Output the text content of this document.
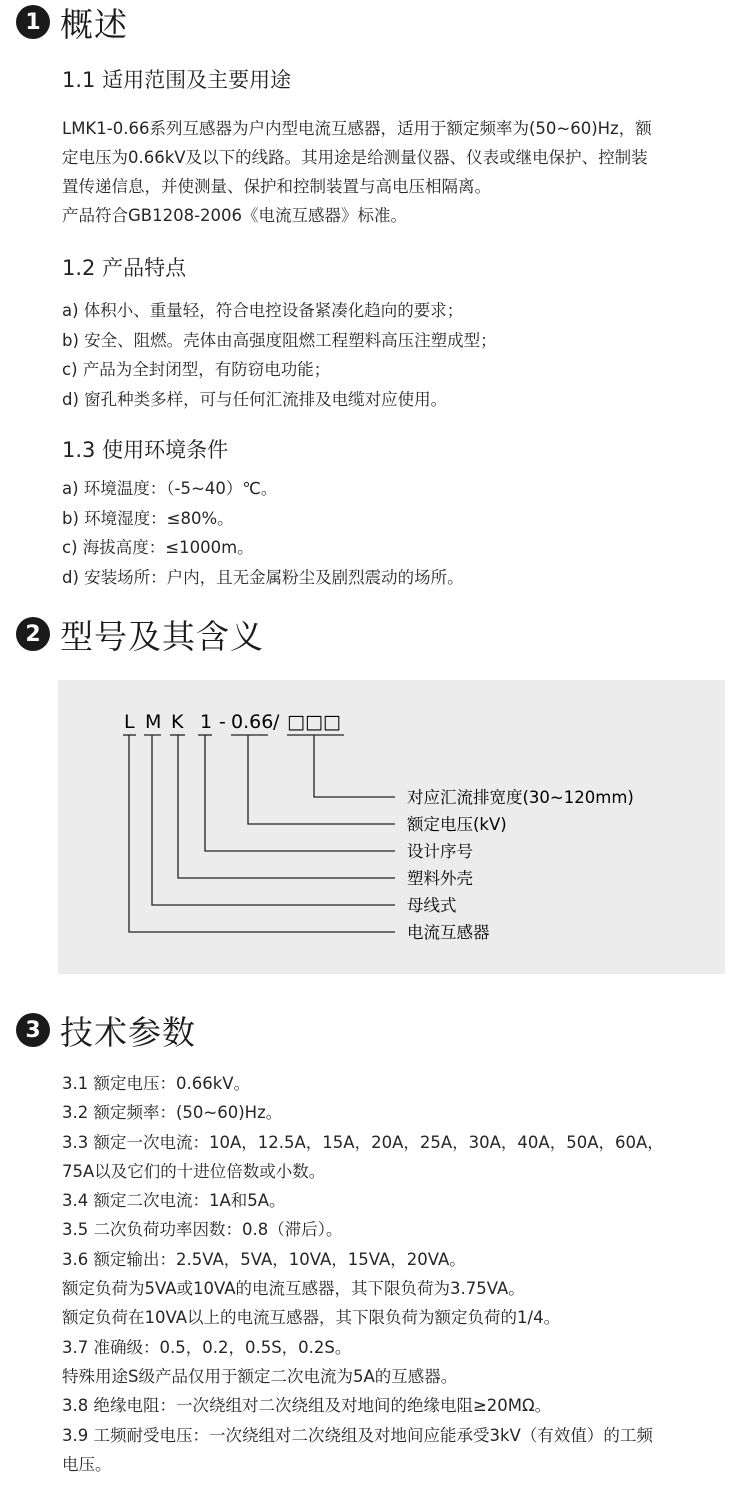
1 概述
1.1 适用范围及主要用途
LMK1-0.66系列互感器为户内型电流互感器，适用于额定频率为(50~60)Hz，额
定电压为0.66kV及以下的线路。其用途是给测量仪器、仪表或继电保护、控制装
置传递信息，并使测量、保护和控制装置与高电压相隔离。
产品符合GB1208-2006《电流互感器》标准。
1.2 产品特点
a) 体积小、重量轻，符合电控设备紧凑化趋向的要求；
b) 安全、阻燃。壳体由高强度阻燃工程塑料高压注塑成型；
c) 产品为全封闭型，有防窃电功能；
d) 窗孔种类多样，可与任何汇流排及电缆对应使用。
1.3 使用环境条件
a) 环境温度：（-5~40）℃。
b) 环境湿度：≤80%。
c) 海拔高度：≤1000m。
d) 安装场所：户内，且无金属粉尘及剧烈震动的场所。
2 型号及其含义
L M K 1 - 0.66 / □□□
对应汇流排宽度(30~120mm)
额定电压(kV)
设计序号
塑料外壳
母线式
电流互感器
3 技术参数
3.1 额定电压：0.66kV。
3.2 额定频率：(50~60)Hz。
3.3 额定一次电流：10A，12.5A，15A，20A，25A，30A，40A，50A，60A，
75A以及它们的十进位倍数或小数。
3.4 额定二次电流：1A和5A。
3.5 二次负荷功率因数：0.8（滞后）。
3.6 额定输出：2.5VA，5VA，10VA，15VA，20VA。
额定负荷为5VA或10VA的电流互感器，其下限负荷为3.75VA。
额定负荷在10VA以上的电流互感器，其下限负荷为额定负荷的1/4。
3.7 准确级：0.5，0.2，0.5S，0.2S。
特殊用途S级产品仅用于额定二次电流为5A的互感器。
3.8 绝缘电阻：一次绕组对二次绕组及对地间的绝缘电阻≥20MΩ。
3.9 工频耐受电压：一次绕组对二次绕组及对地间应能承受3kV（有效值）的工频
电压。
